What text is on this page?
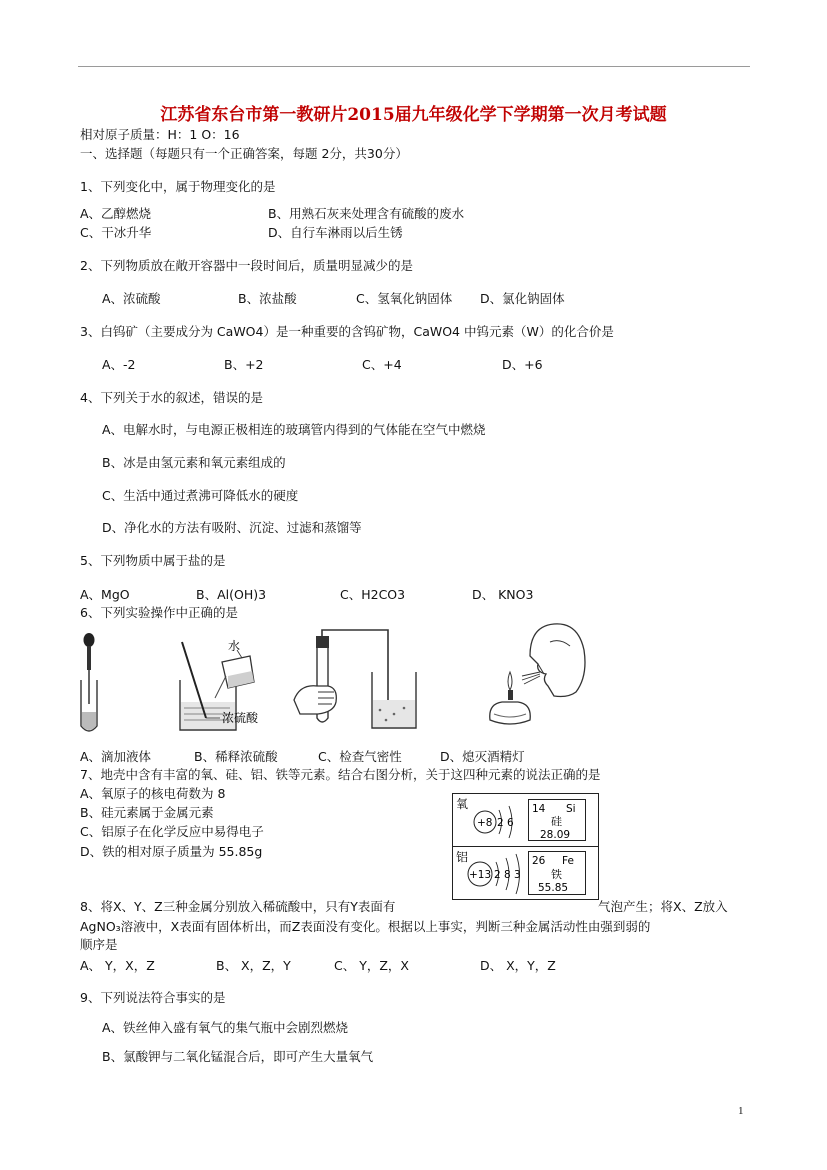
江苏省东台市第一教研片2015届九年级化学下学期第一次月考试题
相对原子质量：H：1 O：16
一、选择题（每题只有一个正确答案，每题 2分，共30分）
1、下列变化中，属于物理变化的是
A、乙醇燃烧	B、用熟石灰来处理含有硫酸的废水
C、干冰升华	D、自行车淋雨以后生锈
2、下列物质放在敞开容器中一段时间后，质量明显减少的是
A、浓硫酸	B、浓盐酸	C、氢氧化钠固体 D、氯化钠固体
3、白钨矿（主要成分为 CaWO4）是一种重要的含钨矿物，CaWO4 中钨元素（W）的化合价是
A、-2	B、+2	C、+4	D、+6
4、下列关于水的叙述，错误的是
A、电解水时，与电源正极相连的玻璃管内得到的气体能在空气中燃烧
B、冰是由氢元素和氧元素组成的
C、生活中通过煮沸可降低水的硬度
D、净化水的方法有吸附、沉淀、过滤和蒸馏等
5、下列物质中属于盐的是
A、MgO	B、Al(OH)3	C、H2CO3	D、 KNO3
6、下列实验操作中正确的是
水
浓硫酸
A、滴加液体	B、稀释浓硫酸	C、检查气密性	D、熄灭酒精灯
7、地壳中含有丰富的氧、硅、铝、铁等元素。结合右图分析，关于这四种元素的说法正确的是
A、氧原子的核电荷数为 8
B、硅元素属于金属元素
C、铝原子在化学反应中易得电子
D、铁的相对原子质量为 55.85g
氧
+8 2 6
14 Si
硅
28.09
铝
+13 2 8 3
26 Fe
铁
55.85
8、将X、Y、Z三种金属分别放入稀硫酸中，只有Y表面有	气泡产生；将X、Z放入
AgNO₃溶液中，X表面有固体析出，而Z表面没有变化。根据以上事实，判断三种金属活动性由强到弱的
顺序是
A、 Y，X，Z	B、 X，Z，Y	C、 Y，Z，X	D、 X，Y，Z
9、下列说法符合事实的是
A、铁丝伸入盛有氧气的集气瓶中会剧烈燃烧
B、氯酸钾与二氧化锰混合后，即可产生大量氧气
1
